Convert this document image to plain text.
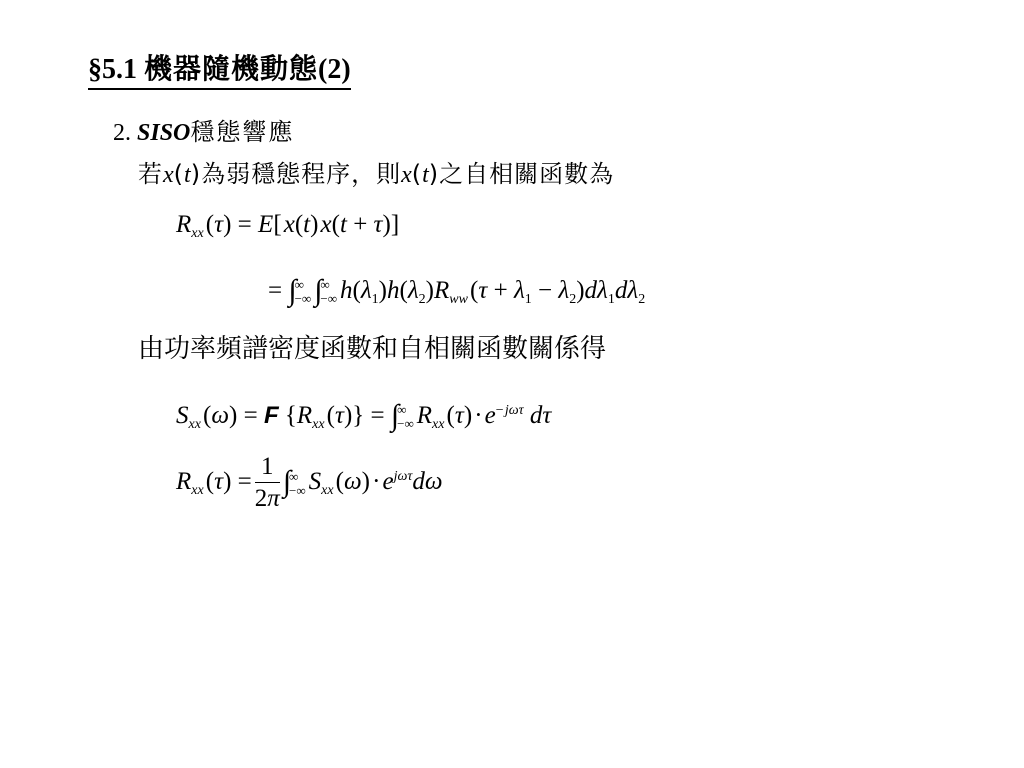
§5.1 機器隨機動態(2)
2. SISO穩態響應
若x(t)為弱穩態程序，則x(t)之自相關函數為
$R_{xx}$ (τ) = E[ x(t) x(t + τ)]
= ∫
∞
−∞ ∫
∞
−∞ $h(\lambda_1)h(\lambda_2)R_{ww}$ $(\tau + \lambda_1 - \lambda_2)d\lambda_1d\lambda_2$
由功率頻譜密度函數和自相關函數關係得
$S_{xx}$ (ω) = F {$R_{xx}$ (τ)} = ∫
∞
−∞ $R_{xx}$ (τ) · $e^{- j\omega\tau}$ dτ
$R_{xx}$ $(\tau) = \frac{1}{2\pi}$ ∫
∞
−∞ $S_{xx}$ (ω) · $e^{j\omega\tau}d\omega$
